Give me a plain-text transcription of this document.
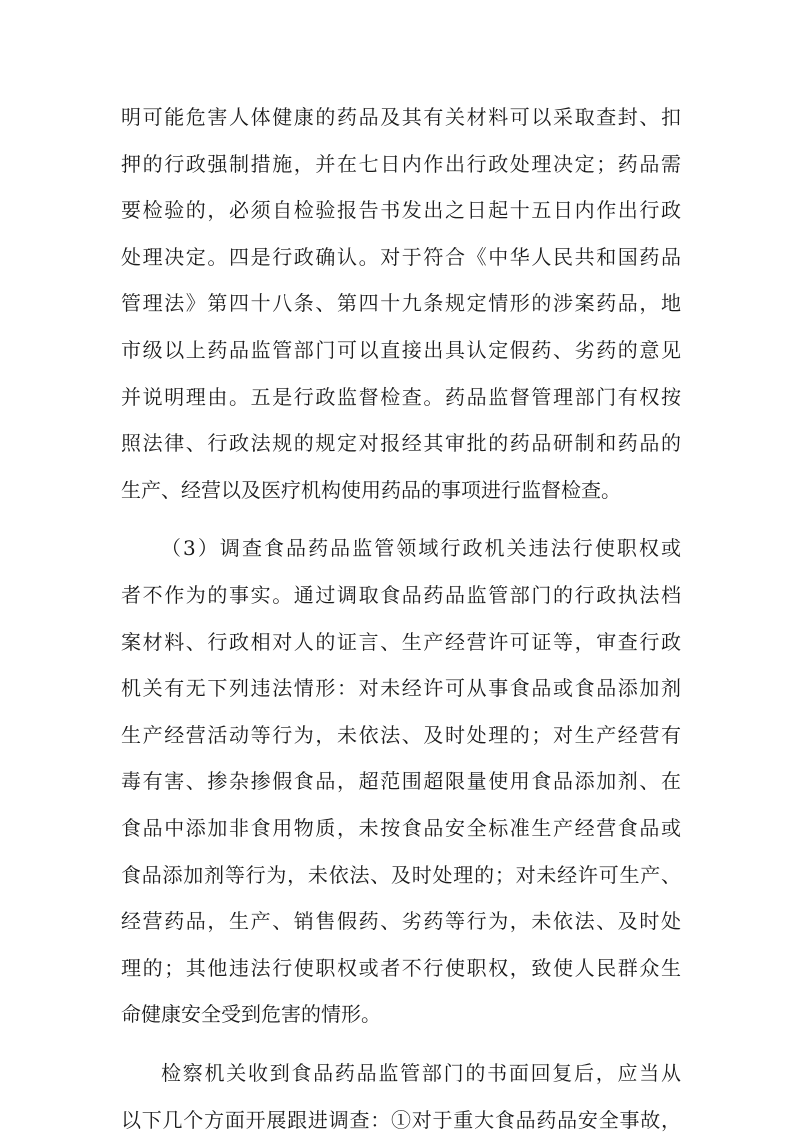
明可能危害人体健康的药品及其有关材料可以采取查封、扣
押的行政强制措施，并在七日内作出行政处理决定；药品需
要检验的，必须自检验报告书发出之日起十五日内作出行政
处理决定。四是行政确认。对于符合《中华人民共和国药品
管理法》第四十八条、第四十九条规定情形的涉案药品，地
市级以上药品监管部门可以直接出具认定假药、劣药的意见
并说明理由。五是行政监督检查。药品监督管理部门有权按
照法律、行政法规的规定对报经其审批的药品研制和药品的
生产、经营以及医疗机构使用药品的事项进行监督检查。
（3）调查食品药品监管领域行政机关违法行使职权或
者不作为的事实。通过调取食品药品监管部门的行政执法档
案材料、行政相对人的证言、生产经营许可证等，审查行政
机关有无下列违法情形：对未经许可从事食品或食品添加剂
生产经营活动等行为，未依法、及时处理的；对生产经营有
毒有害、掺杂掺假食品，超范围超限量使用食品添加剂、在
食品中添加非食用物质，未按食品安全标准生产经营食品或
食品添加剂等行为，未依法、及时处理的；对未经许可生产、
经营药品，生产、销售假药、劣药等行为，未依法、及时处
理的；其他违法行使职权或者不行使职权，致使人民群众生
命健康安全受到危害的情形。
检察机关收到食品药品监管部门的书面回复后，应当从
以下几个方面开展跟进调查：①对于重大食品药品安全事故，
